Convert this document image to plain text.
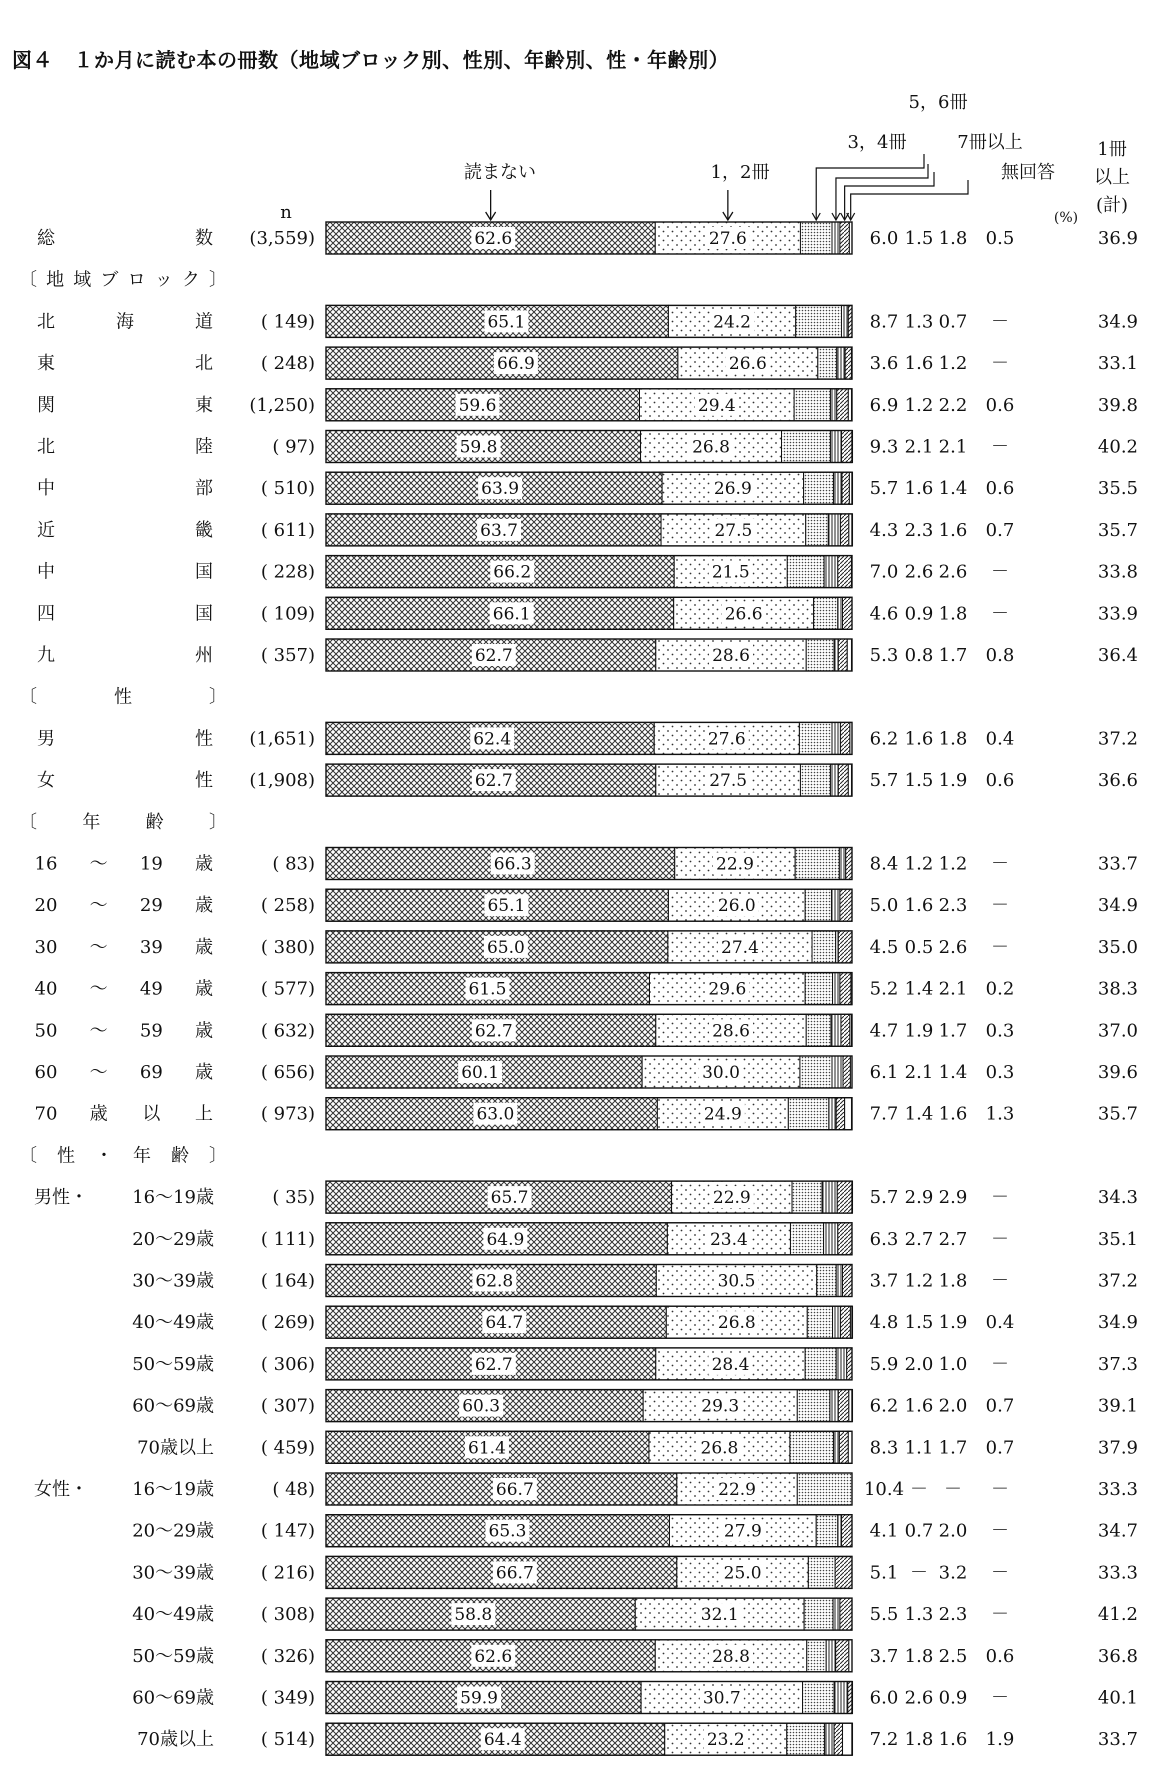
図４　１か月に読む本の冊数（地域ブロック別、性別、年齢別、性・年齢別）
読まない	1，2冊
3，4冊
5，6冊
7冊以上
無回答
n	(%)
1冊
以上
(計)
総	数 (3,559)	62.6	27.6	6.0 1.5 1.8 0.5	36.9
〔 地 域 ブ ロ ッ ク 〕
北	海	道	( 149)	65.1	24.2	8.7 1.3 0.7 －	34.9
東	北	( 248)	66.9	26.6	3.6 1.6 1.2 －	33.1
関	東 (1,250)	59.6	29.4	6.9 1.2 2.2 0.6	39.8
北	陸	( 97)	59.8	26.8	9.3 2.1 2.1 －	40.2
中	部	( 510)	63.9	26.9	5.7 1.6 1.4 0.6	35.5
近	畿	( 611)	63.7	27.5	4.3 2.3 1.6 0.7	35.7
中	国	( 228)	66.2	21.5	7.0 2.6 2.6 －	33.8
四	国	( 109)	66.1	26.6	4.6 0.9 1.8 －	33.9
九	州	( 357)	62.7	28.6	5.3 0.8 1.7 0.8	36.4
〔	性	〕
男	性 (1,651)	62.4	27.6	6.2 1.6 1.8 0.4	37.2
女	性 (1,908)	62.7	27.5	5.7 1.5 1.9 0.6	36.6
〔	年	齢	〕
16 ～ 19 歳	( 83)	66.3	22.9	8.4 1.2 1.2 －	33.7
20 ～ 29 歳	( 258)	65.1	26.0	5.0 1.6 2.3 －	34.9
30 ～ 39 歳	( 380)	65.0	27.4	4.5 0.5 2.6 －	35.0
40 ～ 49 歳	( 577)	61.5	29.6	5.2 1.4 2.1 0.2	38.3
50 ～ 59 歳	( 632)	62.7	28.6	4.7 1.9 1.7 0.3	37.0
60 ～ 69 歳	( 656)	60.1	30.0	6.1 2.1 1.4 0.3	39.6
70 歳 以 上	( 973)	63.0	24.9	7.7 1.4 1.6 1.3	35.7
〔 性 ・ 年 齢 〕
男性・ 16～19歳	( 35)	65.7	22.9	5.7 2.9 2.9 －	34.3
20～29歳	( 111)	64.9	23.4	6.3 2.7 2.7 －	35.1
30～39歳	( 164)	62.8	30.5	3.7 1.2 1.8 －	37.2
40～49歳	( 269)	64.7	26.8	4.8 1.5 1.9 0.4	34.9
50～59歳	( 306)	62.7	28.4	5.9 2.0 1.0 －	37.3
60～69歳	( 307)	60.3	29.3	6.2 1.6 2.0 0.7	39.1
70歳以上	( 459)	61.4	26.8	8.3 1.1 1.7 0.7	37.9
女性・ 16～19歳	( 48)	66.7	22.9	10.4 － － －	33.3
20～29歳	( 147)	65.3	27.9	4.1 0.7 2.0 －	34.7
30～39歳	( 216)	66.7	25.0	5.1 － 3.2 －	33.3
40～49歳	( 308)	58.8	32.1	5.5 1.3 2.3 －	41.2
50～59歳	( 326)	62.6	28.8	3.7 1.8 2.5 0.6	36.8
60～69歳	( 349)	59.9	30.7	6.0 2.6 0.9 －	40.1
70歳以上	( 514)	64.4	23.2	7.2 1.8 1.6 1.9	33.7
